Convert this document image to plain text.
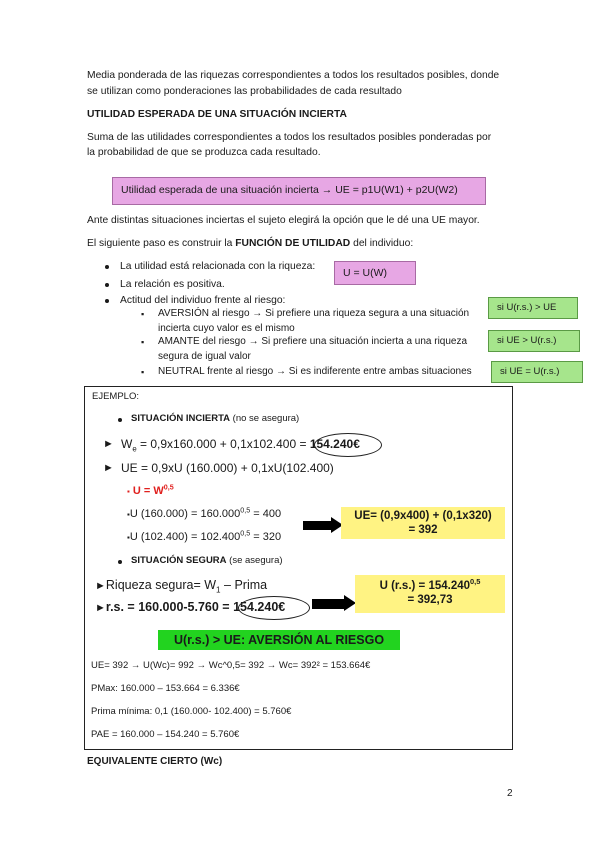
Media ponderada de las riquezas correspondientes a todos los resultados posibles, donde
se utilizan como ponderaciones las probabilidades de cada resultado
UTILIDAD ESPERADA DE UNA SITUACIÓN INCIERTA
Suma de las utilidades correspondientes a todos los resultados posibles ponderadas por
la probabilidad de que se produzca cada resultado.
Utilidad esperada de una situación incierta → UE = p1U(W1) + p2U(W2)
Ante distintas situaciones inciertas el sujeto elegirá la opción que le dé una UE mayor.
El siguiente paso es construir la FUNCIÓN DE UTILIDAD del individuo:
La utilidad está relacionada con la riqueza:
La relación es positiva.
Actitud del individuo frente al riesgo:
U = U(W)
▪ AVERSIÓN al riesgo → Si prefiere una riqueza segura a una situación
incierta cuyo valor es el mismo
▪ AMANTE del riesgo → Si prefiere una situación incierta a una riqueza
segura de igual valor
▪ NEUTRAL frente al riesgo → Si es indiferente entre ambas situaciones
si U(r.s.) > UE
si UE > U(r.s.)
si UE = U(r.s.)
EJEMPLO:
SITUACIÓN INCIERTA (no se asegura)
► $W_e = 0,9x160.000 + 0,1x102.400$ = 154.240€
► UE = 0,9xU (160.000) + 0,1xU(102.400)
▪ U = W$^{0,5}$
▪U $(160.000) = 160.000^{0,5} = 400$
▪U $(102.400) = 102.400^{0,5} = 320$
UE= (0,9x400) + (0,1x320)
= 392
SITUACIÓN SEGURA (se asegura)
►Riqueza segura= $W_1$ – Prima
►r.s. = 160.000-5.760 = 154.240€
U $(r.s.) = 154.240^{0,5}$
= 392,73
U(r.s.) > UE: AVERSIÓN AL RIESGO
UE= 392 → U(Wc)= 992 → Wc^0,5= 392 → Wc= 392² = 153.664€
PMax: 160.000 – 153.664 = 6.336€
Prima mínima: 0,1 (160.000- 102.400) = 5.760€
PAE = 160.000 – 154.240 = 5.760€
EQUIVALENTE CIERTO (Wc)
2
